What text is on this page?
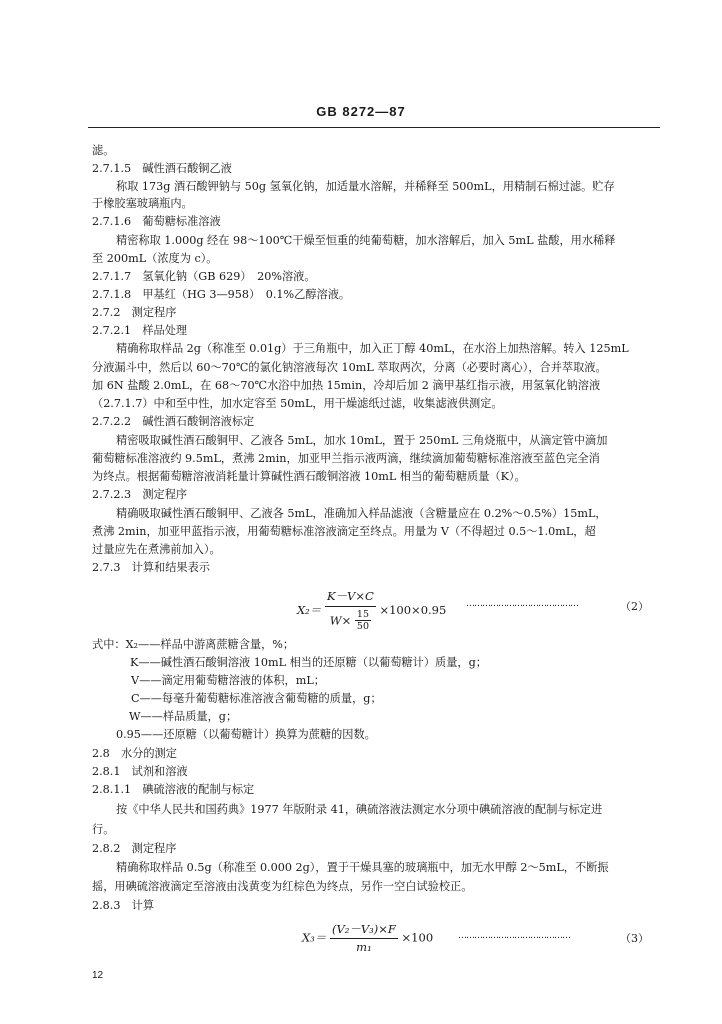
GB 8272—87
滤。
2.7.1.5　碱性酒石酸铜乙液
称取 173g 酒石酸钾钠与 50g 氢氧化钠，加适量水溶解，并稀释至 500mL，用精制石棉过滤。贮存
于橡胶塞玻璃瓶内。
2.7.1.6　葡萄糖标准溶液
精密称取 1.000g 经在 98～100℃干燥至恒重的纯葡萄糖，加水溶解后，加入 5mL 盐酸，用水稀释
至 200mL（浓度为 c）。
2.7.1.7　氢氧化钠（GB 629）　20%溶液。
2.7.1.8　甲基红（HG 3—958）　0.1%乙醇溶液。
2.7.2　测定程序
2.7.2.1　样品处理
精确称取样品 2g（称准至 0.01g）于三角瓶中，加入正丁醇 40mL，在水浴上加热溶解。转入 125mL
分液漏斗中，然后以 60～70℃的氯化钠溶液每次 10mL 萃取两次，分离（必要时离心），合并萃取液。
加 6N 盐酸 2.0mL，在 68～70℃水浴中加热 15min，冷却后加 2 滴甲基红指示液，用氢氧化钠溶液
（2.7.1.7）中和至中性，加水定容至 50mL，用干燥滤纸过滤，收集滤液供测定。
2.7.2.2　碱性酒石酸铜溶液标定
精密吸取碱性酒石酸铜甲、乙液各 5mL，加水 10mL，置于 250mL 三角烧瓶中，从滴定管中滴加
葡萄糖标准溶液约 9.5mL，煮沸 2min，加亚甲兰指示液两滴，继续滴加葡萄糖标准溶液至蓝色完全消
为终点。根据葡萄糖溶液消耗量计算碱性酒石酸铜溶液 10mL 相当的葡萄糖质量（K）。
2.7.2.3　测定程序
精确吸取碱性酒石酸铜甲、乙液各 5mL，准确加入样品滤液（含糖量应在 0.2%～0.5%）15mL，
煮沸 2min，加亚甲蓝指示液，用葡萄糖标准溶液滴定至终点。用量为 V（不得超过 0.5～1.0mL，超
过量应先在煮沸前加入）。
2.7.3　计算和结果表示
$X_2= \frac{K-V\times C}{W\times \frac{15}{50}} \times 100\times 0.95$ ……………………………………	（2）
式中：X₂——样品中游离蔗糖含量，%；
K——碱性酒石酸铜溶液 10mL 相当的还原糖（以葡萄糖计）质量，g；
V——滴定用葡萄糖溶液的体积，mL；
C——每毫升葡萄糖标准溶液含葡萄糖的质量，g；
W——样品质量，g；
0.95——还原糖（以葡萄糖计）换算为蔗糖的因数。
2.8　水分的测定
2.8.1　试剂和溶液
2.8.1.1　碘硫溶液的配制与标定
按《中华人民共和国药典》1977 年版附录 41，碘硫溶液法测定水分项中碘硫溶液的配制与标定进
行。
2.8.2　测定程序
精确称取样品 0.5g（称准至 0.000 2g），置于干燥具塞的玻璃瓶中，加无水甲醇 2～5mL，不断振
摇，用碘硫溶液滴定至溶液由浅黄变为红棕色为终点，另作一空白试验校正。
2.8.3　计算
$X_3= \frac{\text{(V₂－V₃)×F}}{\text{m₁}} \times 100$	……………………………………	（3）
12
